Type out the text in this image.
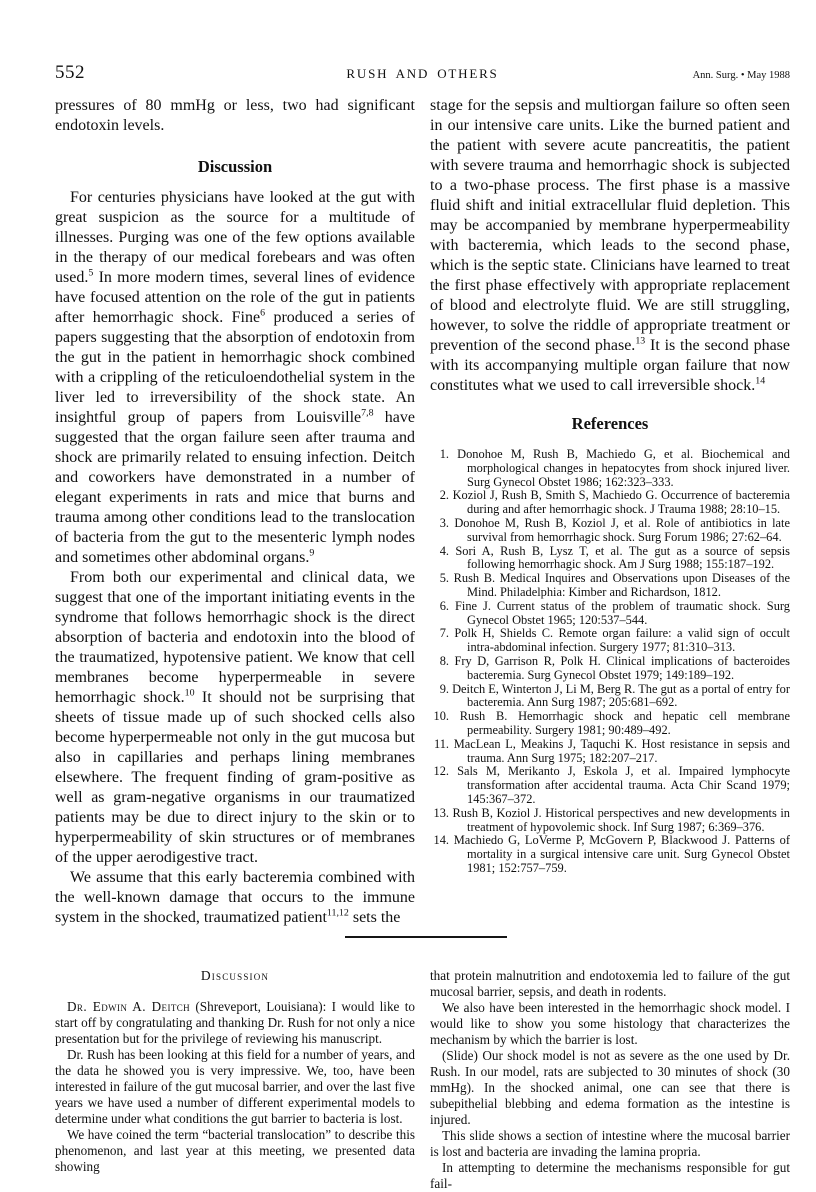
552	RUSH AND OTHERS	Ann. Surg. • May 1988

pressures of 80 mmHg or less, two had significant endotoxin levels.

Discussion

For centuries physicians have looked at the gut with great suspicion as the source for a multitude of illnesses. Purging was one of the few options available in the therapy of our medical forebears and was often used.$^5$ In more modern times, several lines of evidence have focused attention on the role of the gut in patients after hemorrhagic shock. Fine$^6$ produced a series of papers suggesting that the absorption of endotoxin from the gut in the patient in hemorrhagic shock combined with a crippling of the reticuloendothelial system in the liver led to irreversibility of the shock state. An insightful group of papers from Louisville$^{7,8}$ have suggested that the organ failure seen after trauma and shock are primarily related to ensuing infection. Deitch and coworkers have demonstrated in a number of elegant experiments in rats and mice that burns and trauma among other conditions lead to the translocation of bacteria from the gut to the mesenteric lymph nodes and sometimes other abdominal organs.$^9$

From both our experimental and clinical data, we suggest that one of the important initiating events in the syndrome that follows hemorrhagic shock is the direct absorption of bacteria and endotoxin into the blood of the traumatized, hypotensive patient. We know that cell membranes become hyperpermeable in severe hemorrhagic shock.$^{10}$ It should not be surprising that sheets of tissue made up of such shocked cells also become hyperpermeable not only in the gut mucosa but also in capillaries and perhaps lining membranes elsewhere. The frequent finding of gram-positive as well as gram-negative organisms in our traumatized patients may be due to direct injury to the skin or to hyperpermeability of skin structures or of membranes of the upper aerodigestive tract.

We assume that this early bacteremia combined with the well-known damage that occurs to the immune system in the shocked, traumatized patient$^{11,12}$ sets the

stage for the sepsis and multiorgan failure so often seen in our intensive care units. Like the burned patient and the patient with severe acute pancreatitis, the patient with severe trauma and hemorrhagic shock is subjected to a two-phase process. The first phase is a massive fluid shift and initial extracellular fluid depletion. This may be accompanied by membrane hyperpermeability with bacteremia, which leads to the second phase, which is the septic state. Clinicians have learned to treat the first phase effectively with appropriate replacement of blood and electrolyte fluid. We are still struggling, however, to solve the riddle of appropriate treatment or prevention of the second phase.$^{13}$ It is the second phase with its accompanying multiple organ failure that now constitutes what we used to call irreversible shock.$^{14}$

References
1. Donohoe M, Rush B, Machiedo G, et al. Biochemical and morphological changes in hepatocytes from shock injured liver. Surg Gynecol Obstet 1986; 162:323–333.
2. Koziol J, Rush B, Smith S, Machiedo G. Occurrence of bacteremia during and after hemorrhagic shock. J Trauma 1988; 28:10–15.
3. Donohoe M, Rush B, Koziol J, et al. Role of antibiotics in late survival from hemorrhagic shock. Surg Forum 1986; 27:62–64.
4. Sori A, Rush B, Lysz T, et al. The gut as a source of sepsis following hemorrhagic shock. Am J Surg 1988; 155:187–192.
5. Rush B. Medical Inquires and Observations upon Diseases of the Mind. Philadelphia: Kimber and Richardson, 1812.
6. Fine J. Current status of the problem of traumatic shock. Surg Gynecol Obstet 1965; 120:537–544.
7. Polk H, Shields C. Remote organ failure: a valid sign of occult intra-abdominal infection. Surgery 1977; 81:310–313.
8. Fry D, Garrison R, Polk H. Clinical implications of bacteroides bacteremia. Surg Gynecol Obstet 1979; 149:189–192.
9. Deitch E, Winterton J, Li M, Berg R. The gut as a portal of entry for bacteremia. Ann Surg 1987; 205:681–692.
10. Rush B. Hemorrhagic shock and hepatic cell membrane permeability. Surgery 1981; 90:489–492.
11. MacLean L, Meakins J, Taquchi K. Host resistance in sepsis and trauma. Ann Surg 1975; 182:207–217.
12. Sals M, Merikanto J, Eskola J, et al. Impaired lymphocyte transformation after accidental trauma. Acta Chir Scand 1979; 145:367–372.
13. Rush B, Koziol J. Historical perspectives and new developments in treatment of hypovolemic shock. Inf Surg 1987; 6:369–376.
14. Machiedo G, LoVerme P, McGovern P, Blackwood J. Patterns of mortality in a surgical intensive care unit. Surg Gynecol Obstet 1981; 152:757–759.
Discussion

Dr. Edwin A. Deitch (Shreveport, Louisiana): I would like to start off by congratulating and thanking Dr. Rush for not only a nice presentation but for the privilege of reviewing his manuscript.

Dr. Rush has been looking at this field for a number of years, and the data he showed you is very impressive. We, too, have been interested in failure of the gut mucosal barrier, and over the last five years we have used a number of different experimental models to determine under what conditions the gut barrier to bacteria is lost.

We have coined the term “bacterial translocation” to describe this phenomenon, and last year at this meeting, we presented data showing

that protein malnutrition and endotoxemia led to failure of the gut mucosal barrier, sepsis, and death in rodents.

We also have been interested in the hemorrhagic shock model. I would like to show you some histology that characterizes the mechanism by which the barrier is lost.

(Slide) Our shock model is not as severe as the one used by Dr. Rush. In our model, rats are subjected to 30 minutes of shock (30 mmHg). In the shocked animal, one can see that there is subepithelial blebbing and edema formation as the intestine is injured.

This slide shows a section of intestine where the mucosal barrier is lost and bacteria are invading the lamina propria.

In attempting to determine the mechanisms responsible for gut fail-
